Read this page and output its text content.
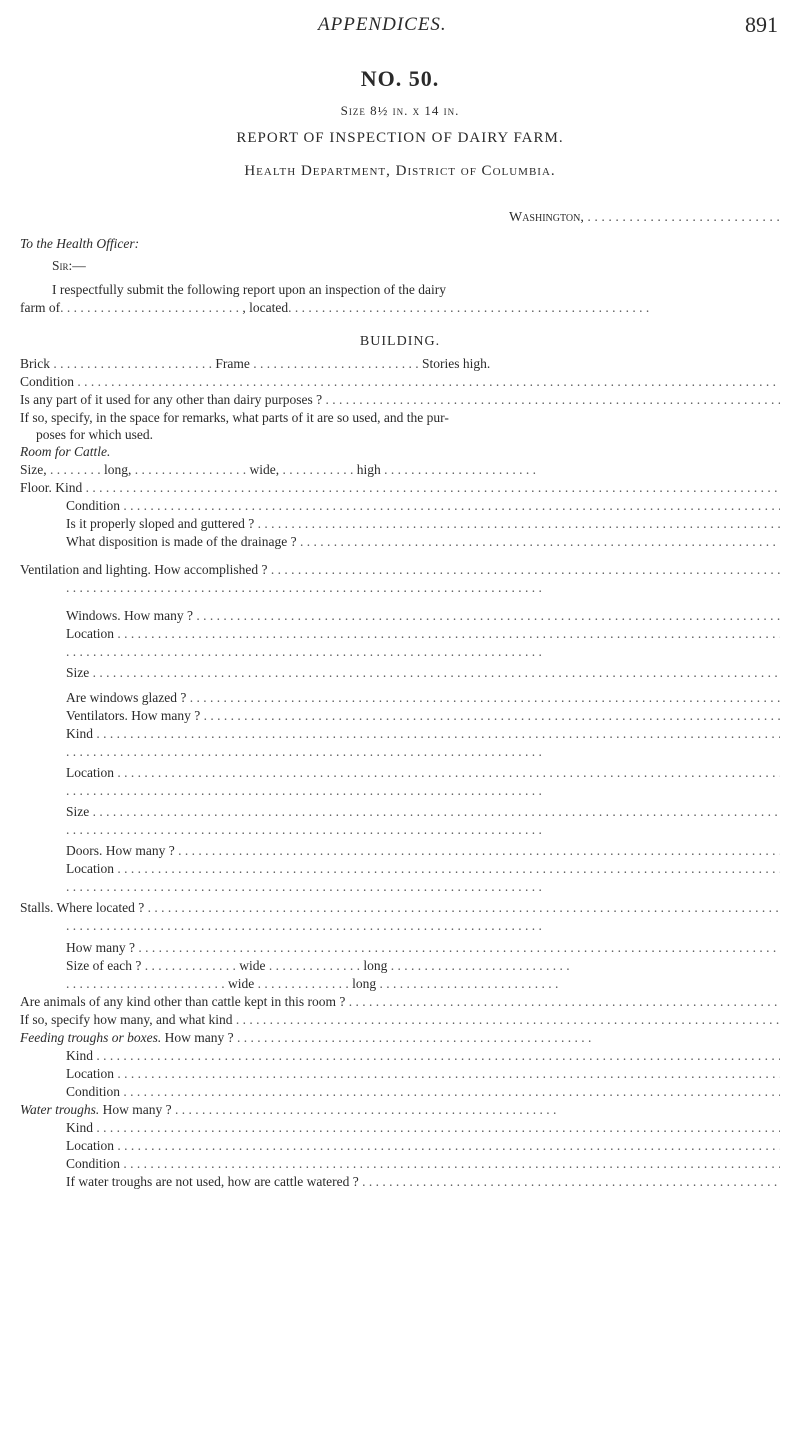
APPENDICES.	891
NO. 50.
Size 8½ in. x 14 in.
REPORT OF INSPECTION OF DAIRY FARM.
Health Department, District of Columbia.
Washington, . . .
To the Health Officer:
Sir:—
I respectfully submit the following report upon an inspection of the dairy
farm of. . . . . . . . . . . . . . . . . . . . . . . . . . . , located. . . . . . . . . . . . . . . . . . . . . . . . . . . . . . . . . . . . . . . . . . . . . . . . . . . . . .
BUILDING.
Brick . . . . . . . . . . . . . . . . . . . . . . . . Frame . . . . . . . . . . . . . . . . . . . . . . . . . Stories high.
Condition . . .
Is any part of it used for any other than dairy purposes ? . . .
If so, specify, in the space for remarks, what parts of it are so used, and the pur-
poses for which used.
Room for Cattle.
Size, . . . . . . . . long, . . . . . . . . . . . . . . . . . wide, . . . . . . . . . . . high . . . . . . . . . . . . . . . . . . . . . . .
Floor. Kind . . .
Condition . . .
Is it properly sloped and guttered ? . . .
What disposition is made of the drainage ? . . .
Ventilation and lighting. How accomplished ? . . .
. . . . . . . . . . . . . . . . . . . . . . . . . . . . . . . . . . . . . . . . . . . . . . . . . . . . . . . . . . . . . . . . . . . . . . .
Windows. How many ? . . .
Location . . .
. . . . . . . . . . . . . . . . . . . . . . . . . . . . . . . . . . . . . . . . . . . . . . . . . . . . . . . . . . . . . . . . . . . . . . .
Size . . .
Are windows glazed ? . . .
Ventilators. How many ? . . .
Kind . . .
. . . . . . . . . . . . . . . . . . . . . . . . . . . . . . . . . . . . . . . . . . . . . . . . . . . . . . . . . . . . . . . . . . . . . . .
Location . . .
. . . . . . . . . . . . . . . . . . . . . . . . . . . . . . . . . . . . . . . . . . . . . . . . . . . . . . . . . . . . . . . . . . . . . . .
Size . . .
. . . . . . . . . . . . . . . . . . . . . . . . . . . . . . . . . . . . . . . . . . . . . . . . . . . . . . . . . . . . . . . . . . . . . . .
Doors. How many ? . . .
Location . . .
. . . . . . . . . . . . . . . . . . . . . . . . . . . . . . . . . . . . . . . . . . . . . . . . . . . . . . . . . . . . . . . . . . . . . . .
Stalls. Where located ? . . .
. . . . . . . . . . . . . . . . . . . . . . . . . . . . . . . . . . . . . . . . . . . . . . . . . . . . . . . . . . . . . . . . . . . . . . .
How many ? . . .
Size of each ? . . . . . . . . . . . . . . wide . . . . . . . . . . . . . . long . . . . . . . . . . . . . . . . . . . . . . . . . . .
. . . . . . . . . . . . . . . . . . . . . . . . wide . . . . . . . . . . . . . . long . . . . . . . . . . . . . . . . . . . . . . . . . . .
Are animals of any kind other than cattle kept in this room ? . . .
If so, specify how many, and what kind . . .
Feeding troughs or boxes. How many ? . . . . . . . . . . . . . . . . . . . . . . . . . . . . . . . . . . . . . . . . . . . . . . . . . . . . .
Kind . . .
Location . . .
Condition . . .
Water troughs. How many ? . . . . . . . . . . . . . . . . . . . . . . . . . . . . . . . . . . . . . . . . . . . . . . . . . . . . . . . . .
Kind . . .
Location . . .
Condition . . .
If water troughs are not used, how are cattle watered ? . . .
